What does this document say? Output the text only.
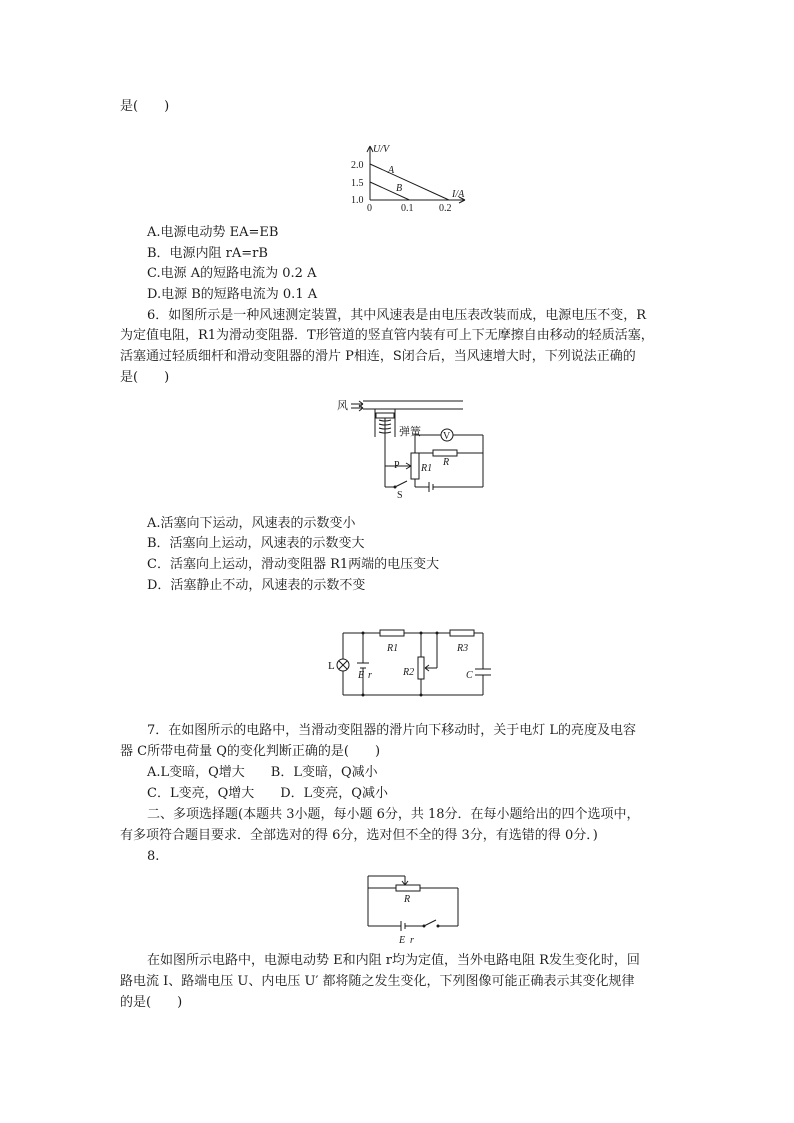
是(　　)
U/V
I/A
0
2.0
1.5
1.0
0.1	0.2
A
B
A.电源电动势 EA=EB
B．电源内阻 rA=rB
C.电源 A的短路电流为 0.2 A
D.电源 B的短路电流为 0.1 A
6．如图所示是一种风速测定装置，其中风速表是由电压表改装而成，电源电压不变，R
为定值电阻，R1为滑动变阻器．T形管道的竖直管内装有可上下无摩擦自由移动的轻质活塞，
活塞通过轻质细杆和滑动变阻器的滑片 P相连，S闭合后，当风速增大时，下列说法正确的
是(　　)
风
弹簧 V
R
R1
P
S
A.活塞向下运动，风速表的示数变小
B．活塞向上运动，风速表的示数变大
C．活塞向上运动，滑动变阻器 R1两端的电压变大
D．活塞静止不动，风速表的示数不变
L
E r
R1	R3
R2	C
7．在如图所示的电路中，当滑动变阻器的滑片向下移动时，关于电灯 L的亮度及电容
器 C所带电荷量 Q的变化判断正确的是(　　)
A.L变暗，Q增大　　B．L变暗，Q减小
C．L变亮，Q增大　　D．L变亮，Q减小
二、多项选择题(本题共 3小题，每小题 6分，共 18分．在每小题给出的四个选项中，
有多项符合题目要求．全部选对的得 6分，选对但不全的得 3分，有选错的得 0分．)
8.
R
E r
在如图所示电路中，电源电动势 E和内阻 r均为定值，当外电路电阻 R发生变化时，回
路电流 I、路端电压 U、内电压 U′ 都将随之发生变化，下列图像可能正确表示其变化规律
的是(　　)
